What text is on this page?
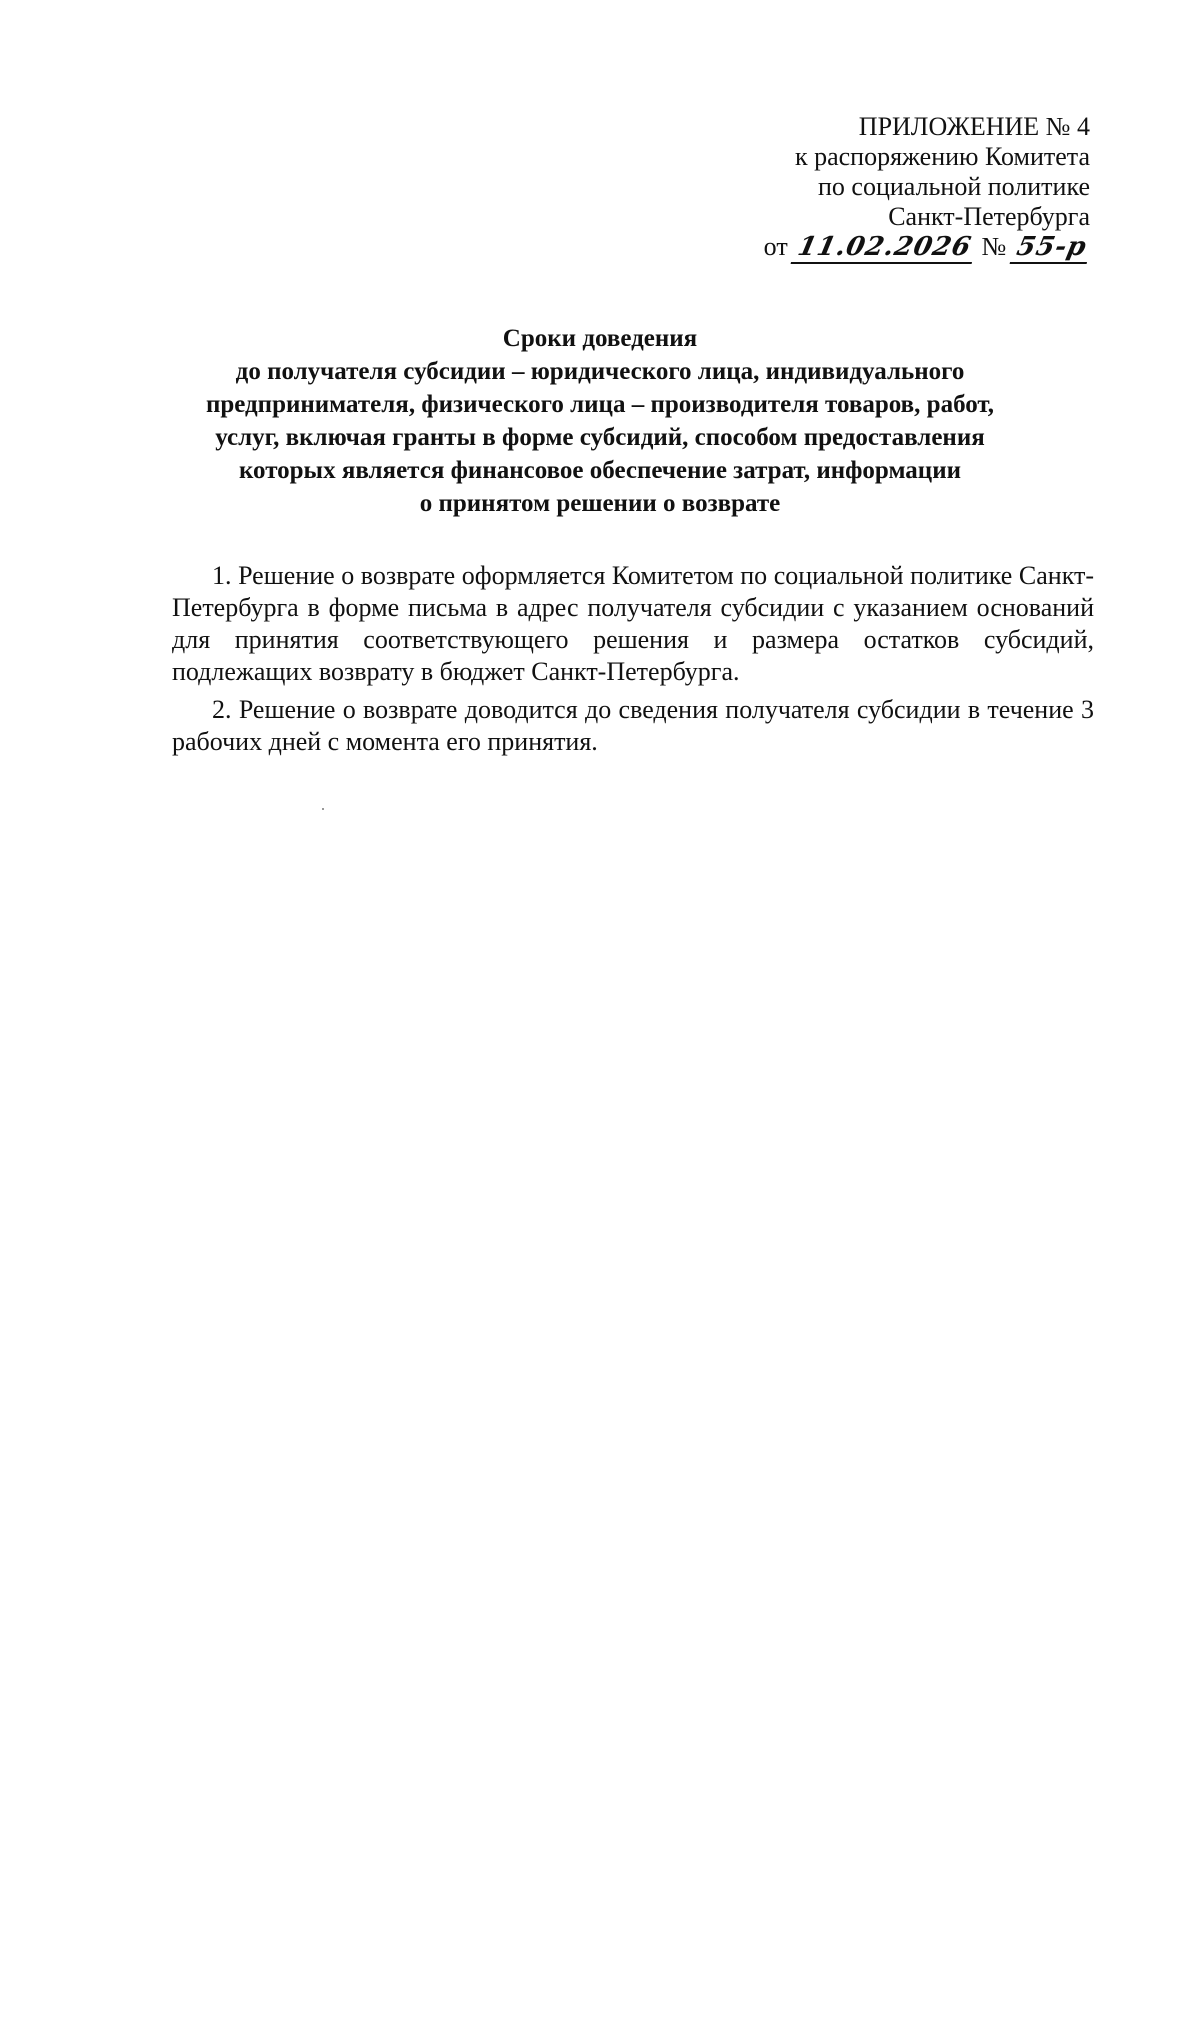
ПРИЛОЖЕНИЕ № 4
к распоряжению Комитета
по социальной политике
Санкт-Петербурга
от 11.02.2026 № 55-р
Сроки доведения
до получателя субсидии – юридического лица, индивидуального
предпринимателя, физического лица – производителя товаров, работ,
услуг, включая гранты в форме субсидий, способом предоставления
которых является финансовое обеспечение затрат, информации
о принятом решении о возврате

1. Решение о возврате оформляется Комитетом по социальной политике Санкт-Петербурга в форме письма в адрес получателя субсидии с указанием оснований для принятия соответствующего решения и размера остатков субсидий, подлежащих возврату в бюджет Санкт-Петербурга.

2. Решение о возврате доводится до сведения получателя субсидии в течение 3 рабочих дней с момента его принятия.
